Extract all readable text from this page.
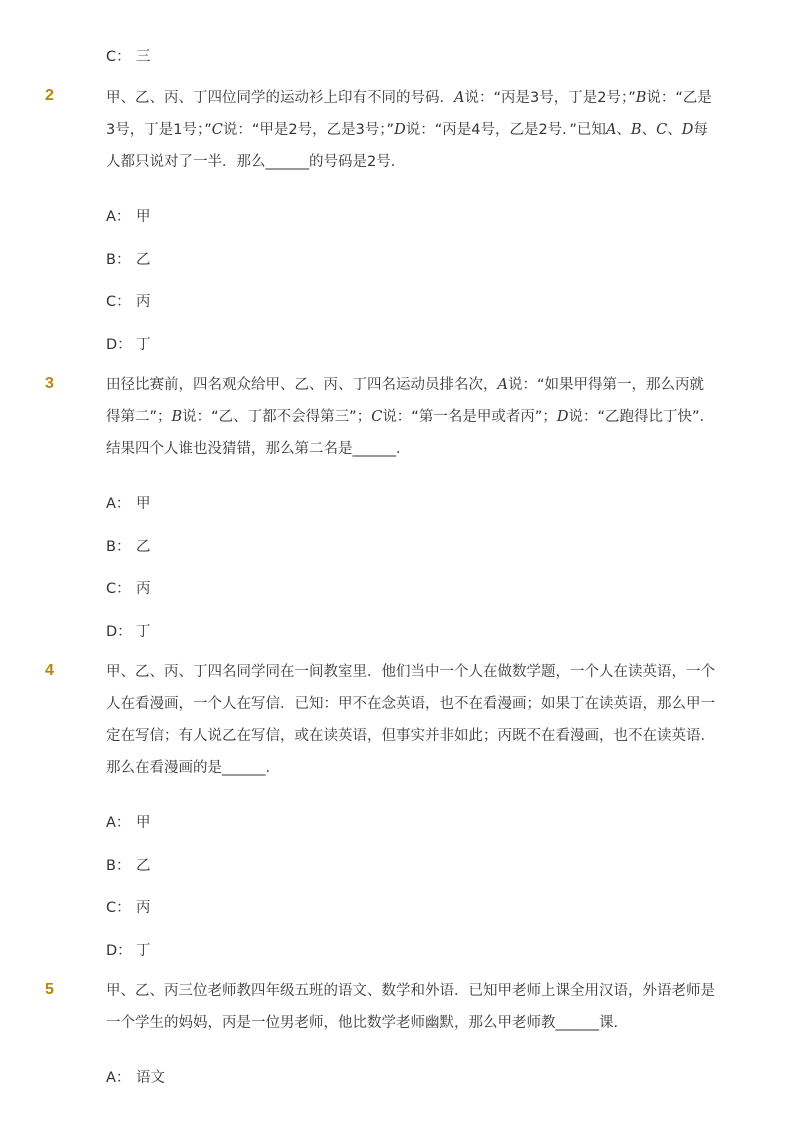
C： 三
2	甲、乙、丙、丁四位同学的运动衫上印有不同的号码．A说：“丙是3号，丁是2号；”B说：“乙是3号，丁是1号；”C说：“甲是2号，乙是3号；”D说：“丙是4号，乙是2号．”已知A、B、C、D每人都只说对了一半．那么______的号码是2号．
A： 甲
B： 乙
C： 丙
D： 丁
3	田径比赛前，四名观众给甲、乙、丙、丁四名运动员排名次，A说：“如果甲得第一，那么丙就得第二”；B说：“乙、丁都不会得第三”；C说：“第一名是甲或者丙”；D说：“乙跑得比丁快”．结果四个人谁也没猜错，那么第二名是______．
A： 甲
B： 乙
C： 丙
D： 丁
4	甲、乙、丙、丁四名同学同在一间教室里．他们当中一个人在做数学题，一个人在读英语，一个人在看漫画，一个人在写信．已知：甲不在念英语，也不在看漫画；如果丁在读英语，那么甲一定在写信；有人说乙在写信，或在读英语，但事实并非如此；丙既不在看漫画，也不在读英语．那么在看漫画的是______．
A： 甲
B： 乙
C： 丙
D： 丁
5	甲、乙、丙三位老师教四年级五班的语文、数学和外语．已知甲老师上课全用汉语，外语老师是一个学生的妈妈，丙是一位男老师，他比数学老师幽默，那么甲老师教______课．
A： 语文
